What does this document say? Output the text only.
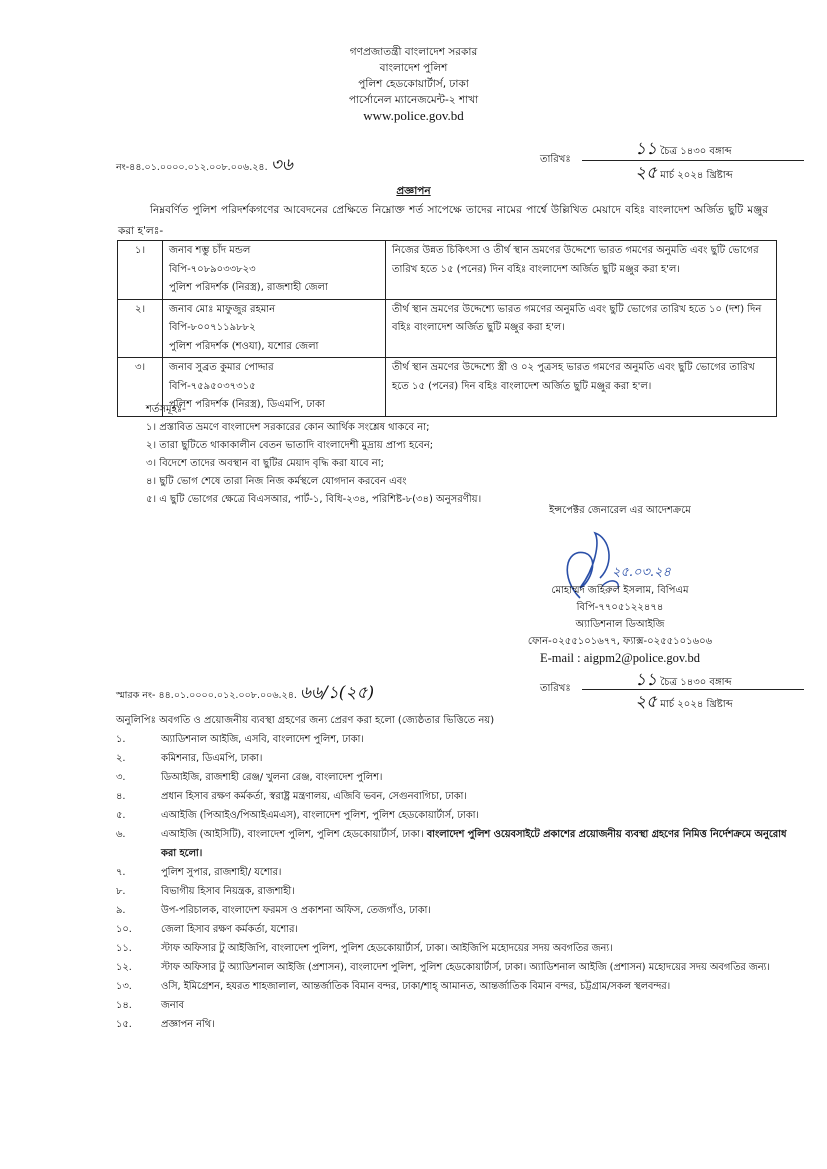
গণপ্রজাতন্ত্রী বাংলাদেশ সরকার
বাংলাদেশ পুলিশ
পুলিশ হেডকোয়ার্টার্স, ঢাকা
পার্সোনেল ম্যানেজমেন্ট-২ শাখা
www.police.gov.bd
নং-৪৪.০১.০০০০.০১২.০০৮.০০৬.২৪. ৩৬	তারিখঃ
১১ চৈত্র ১৪৩০ বঙ্গাব্দ
২৫ মার্চ ২০২৪ খ্রিষ্টাব্দ
প্রজ্ঞাপন
নিম্নবর্ণিত পুলিশ পরিদর্শকগণের আবেদনের প্রেক্ষিতে নিম্নোক্ত শর্ত সাপেক্ষে তাদের নামের পার্শ্বে উল্লিখিত মেয়াদে বহিঃ বাংলাদেশ অর্জিত ছুটি মঞ্জুর করা হ'লঃ-
১।	জনাব শম্ভু চাঁদ মন্ডল
বিপি-৭০৮৯০৩৩৮২৩
পুলিশ পরিদর্শক (নিরস্ত্র), রাজশাহী জেলা	নিজের উন্নত চিকিৎসা ও তীর্থ স্থান ভ্রমণের উদ্দেশ্যে ভারত গমণের অনুমতি এবং ছুটি ভোগের তারিখ হতে ১৫ (পনের) দিন বহিঃ বাংলাদেশ অর্জিত ছুটি মঞ্জুর করা হ'ল।
২।	জনাব মোঃ মাফুজুর রহমান
বিপি-৮০০৭১১৯৮৮২
পুলিশ পরিদর্শক (শওযা), যশোর জেলা	তীর্থ স্থান ভ্রমণের উদ্দেশ্যে ভারত গমণের অনুমতি এবং ছুটি ভোগের তারিখ হতে ১০ (দশ) দিন বহিঃ বাংলাদেশ অর্জিত ছুটি মঞ্জুর করা হ'ল।
৩।	জনাব সুব্রত কুমার পোদ্দার
বিপি-৭৫৯৫০৩৭৩১৫
পুলিশ পরিদর্শক (নিরস্ত্র), ডিএমপি, ঢাকা	তীর্থ স্থান ভ্রমণের উদ্দেশ্যে স্ত্রী ও ০২ পুত্রসহ ভারত গমণের অনুমতি এবং ছুটি ভোগের তারিখ হতে ১৫ (পনের) দিন বহিঃ বাংলাদেশ অর্জিত ছুটি মঞ্জুর করা হ'ল।
শর্তসমূহঃ-
১। প্রস্তাবিত ভ্রমণে বাংলাদেশ সরকারের কোন আর্থিক সংশ্লেষ থাকবে না;
২। তারা ছুটিতে থাকাকালীন বেতন ভাতাদি বাংলাদেশী মুদ্রায় প্রাপ্য হবেন;
৩। বিদেশে তাদের অবস্থান বা ছুটির মেয়াদ বৃদ্ধি করা যাবে না;
৪। ছুটি ভোগ শেষে তারা নিজ নিজ কর্মস্থলে যোগদান করবেন এবং
৫। এ ছুটি ভোগের ক্ষেত্রে বিএসআর, পার্ট-১, বিধি-২৩৪, পরিশিষ্ট-৮(৩৪) অনুসরণীয়।
ইন্সপেক্টর জেনারেল এর আদেশক্রমে
২৫.০৩.২৪
মোহাম্মদ জহিরুল ইসলাম, বিপিএম
বিপি-৭৭০৫১২২৪৭৪
অ্যাডিশনাল ডিআইজি
ফোন-০২৫৫১০১৬৭৭, ফ্যাক্স-০২৫৫১০১৬০৬
E-mail : aigpm2@police.gov.bd
স্মারক নং- ৪৪.০১.০০০০.০১২.০০৮.০০৬.২৪. ৬৬/১(২৫)	তারিখঃ	১১ চৈত্র ১৪৩০ বঙ্গাব্দ
২৫ মার্চ ২০২৪ খ্রিষ্টাব্দ
অনুলিপিঃ অবগতি ও প্রয়োজনীয় ব্যবস্থা গ্রহণের জন্য প্রেরণ করা হলো (জ্যেষ্ঠতার ভিত্তিতে নয়)
১.	অ্যাডিশনাল আইজি, এসবি, বাংলাদেশ পুলিশ, ঢাকা।
২.	কমিশনার, ডিএমপি, ঢাকা।
৩.	ডিআইজি, রাজশাহী রেঞ্জ/ খুলনা রেঞ্জ, বাংলাদেশ পুলিশ।
৪.	প্রধান হিসাব রক্ষণ কর্মকর্তা, স্বরাষ্ট্র মন্ত্রণালয়, এজিবি ভবন, সেগুনবাগিচা, ঢাকা।
৫.	এআইজি (পিআইও/পিআইএমএস), বাংলাদেশ পুলিশ, পুলিশ হেডকোয়ার্টার্স, ঢাকা।
৬.	এআইজি (আইসিটি), বাংলাদেশ পুলিশ, পুলিশ হেডকোয়ার্টার্স, ঢাকা। বাংলাদেশ পুলিশ ওয়েবসাইটে প্রকাশের প্রয়োজনীয় ব্যবস্থা গ্রহণের নিমিত্ত নির্দেশক্রমে অনুরোধ করা হলো।
৭.	পুলিশ সুপার, রাজশাহী/ যশোর।
৮.	বিভাগীয় হিসাব নিয়ন্ত্রক, রাজশাহী।
৯.	উপ-পরিচালক, বাংলাদেশ ফরমস ও প্রকাশনা অফিস, তেজগাঁও, ঢাকা।
১০.	জেলা হিসাব রক্ষণ কর্মকর্তা, যশোর।
১১.	স্টাফ অফিসার টু আইজিপি, বাংলাদেশ পুলিশ, পুলিশ হেডকোয়ার্টার্স, ঢাকা। আইজিপি মহোদয়ের সদয় অবগতির জন্য।
১২.	স্টাফ অফিসার টু অ্যাডিশনাল আইজি (প্রশাসন), বাংলাদেশ পুলিশ, পুলিশ হেডকোয়ার্টার্স, ঢাকা। অ্যাডিশনাল আইজি (প্রশাসন) মহোদয়ের সদয় অবগতির জন্য।
১৩.	ওসি, ইমিগ্রেশন, হযরত শাহজালাল, আন্তর্জাতিক বিমান বন্দর, ঢাকা/শাহ্ আমানত, আন্তর্জাতিক বিমান বন্দর, চট্টগ্রাম/সকল স্থলবন্দর।
১৪.	জনাব
১৫.	প্রজ্ঞাপন নথি।
